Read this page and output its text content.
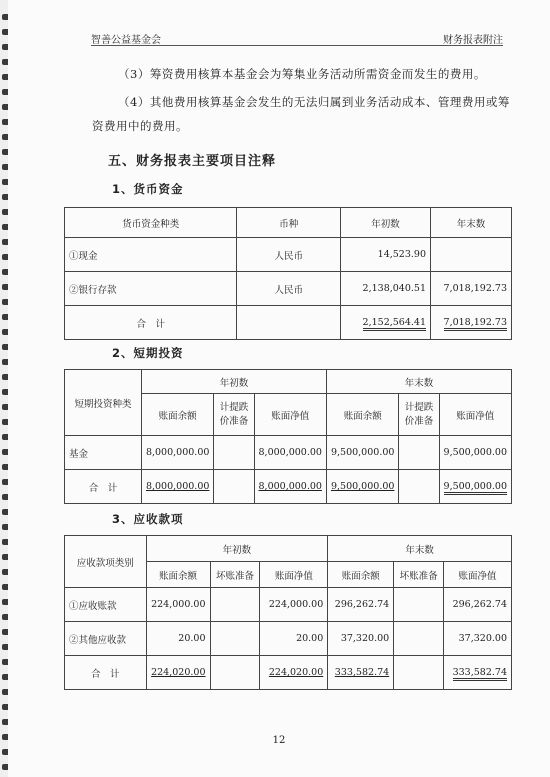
智善公益基金会	财务报表附注
（3）筹资费用核算本基金会为筹集业务活动所需资金而发生的费用。
（4）其他费用核算基金会发生的无法归属到业务活动成本、管理费用或筹
资费用中的费用。
五、财务报表主要项目注释
1、货币资金
货币资金种类	币种	年初数	年末数
①现金	人民币	14,523.90	
②银行存款	人民币	2,138,040.51	7,018,192.73
合　计		2,152,564.41	7,018,192.73
2、短期投资
短期投资种类	年初数			年末数		
	账面余额	计提跌价准备	账面净值	账面余额	计提跌价准备	账面净值
基金	8,000,000.00		8,000,000.00	9,500,000.00		9,500,000.00
合　计	8,000,000.00		8,000,000.00	9,500,000.00		9,500,000.00
3、应收款项
应收款项类别	年初数			年末数		
	账面余额	坏账准备	账面净值	账面余额	坏账准备	账面净值
①应收账款	224,000.00		224,000.00	296,262.74		296,262.74
②其他应收款	20.00		20.00	37,320.00		37,320.00
合　计	224,020.00		224,020.00	333,582.74		333,582.74
12
